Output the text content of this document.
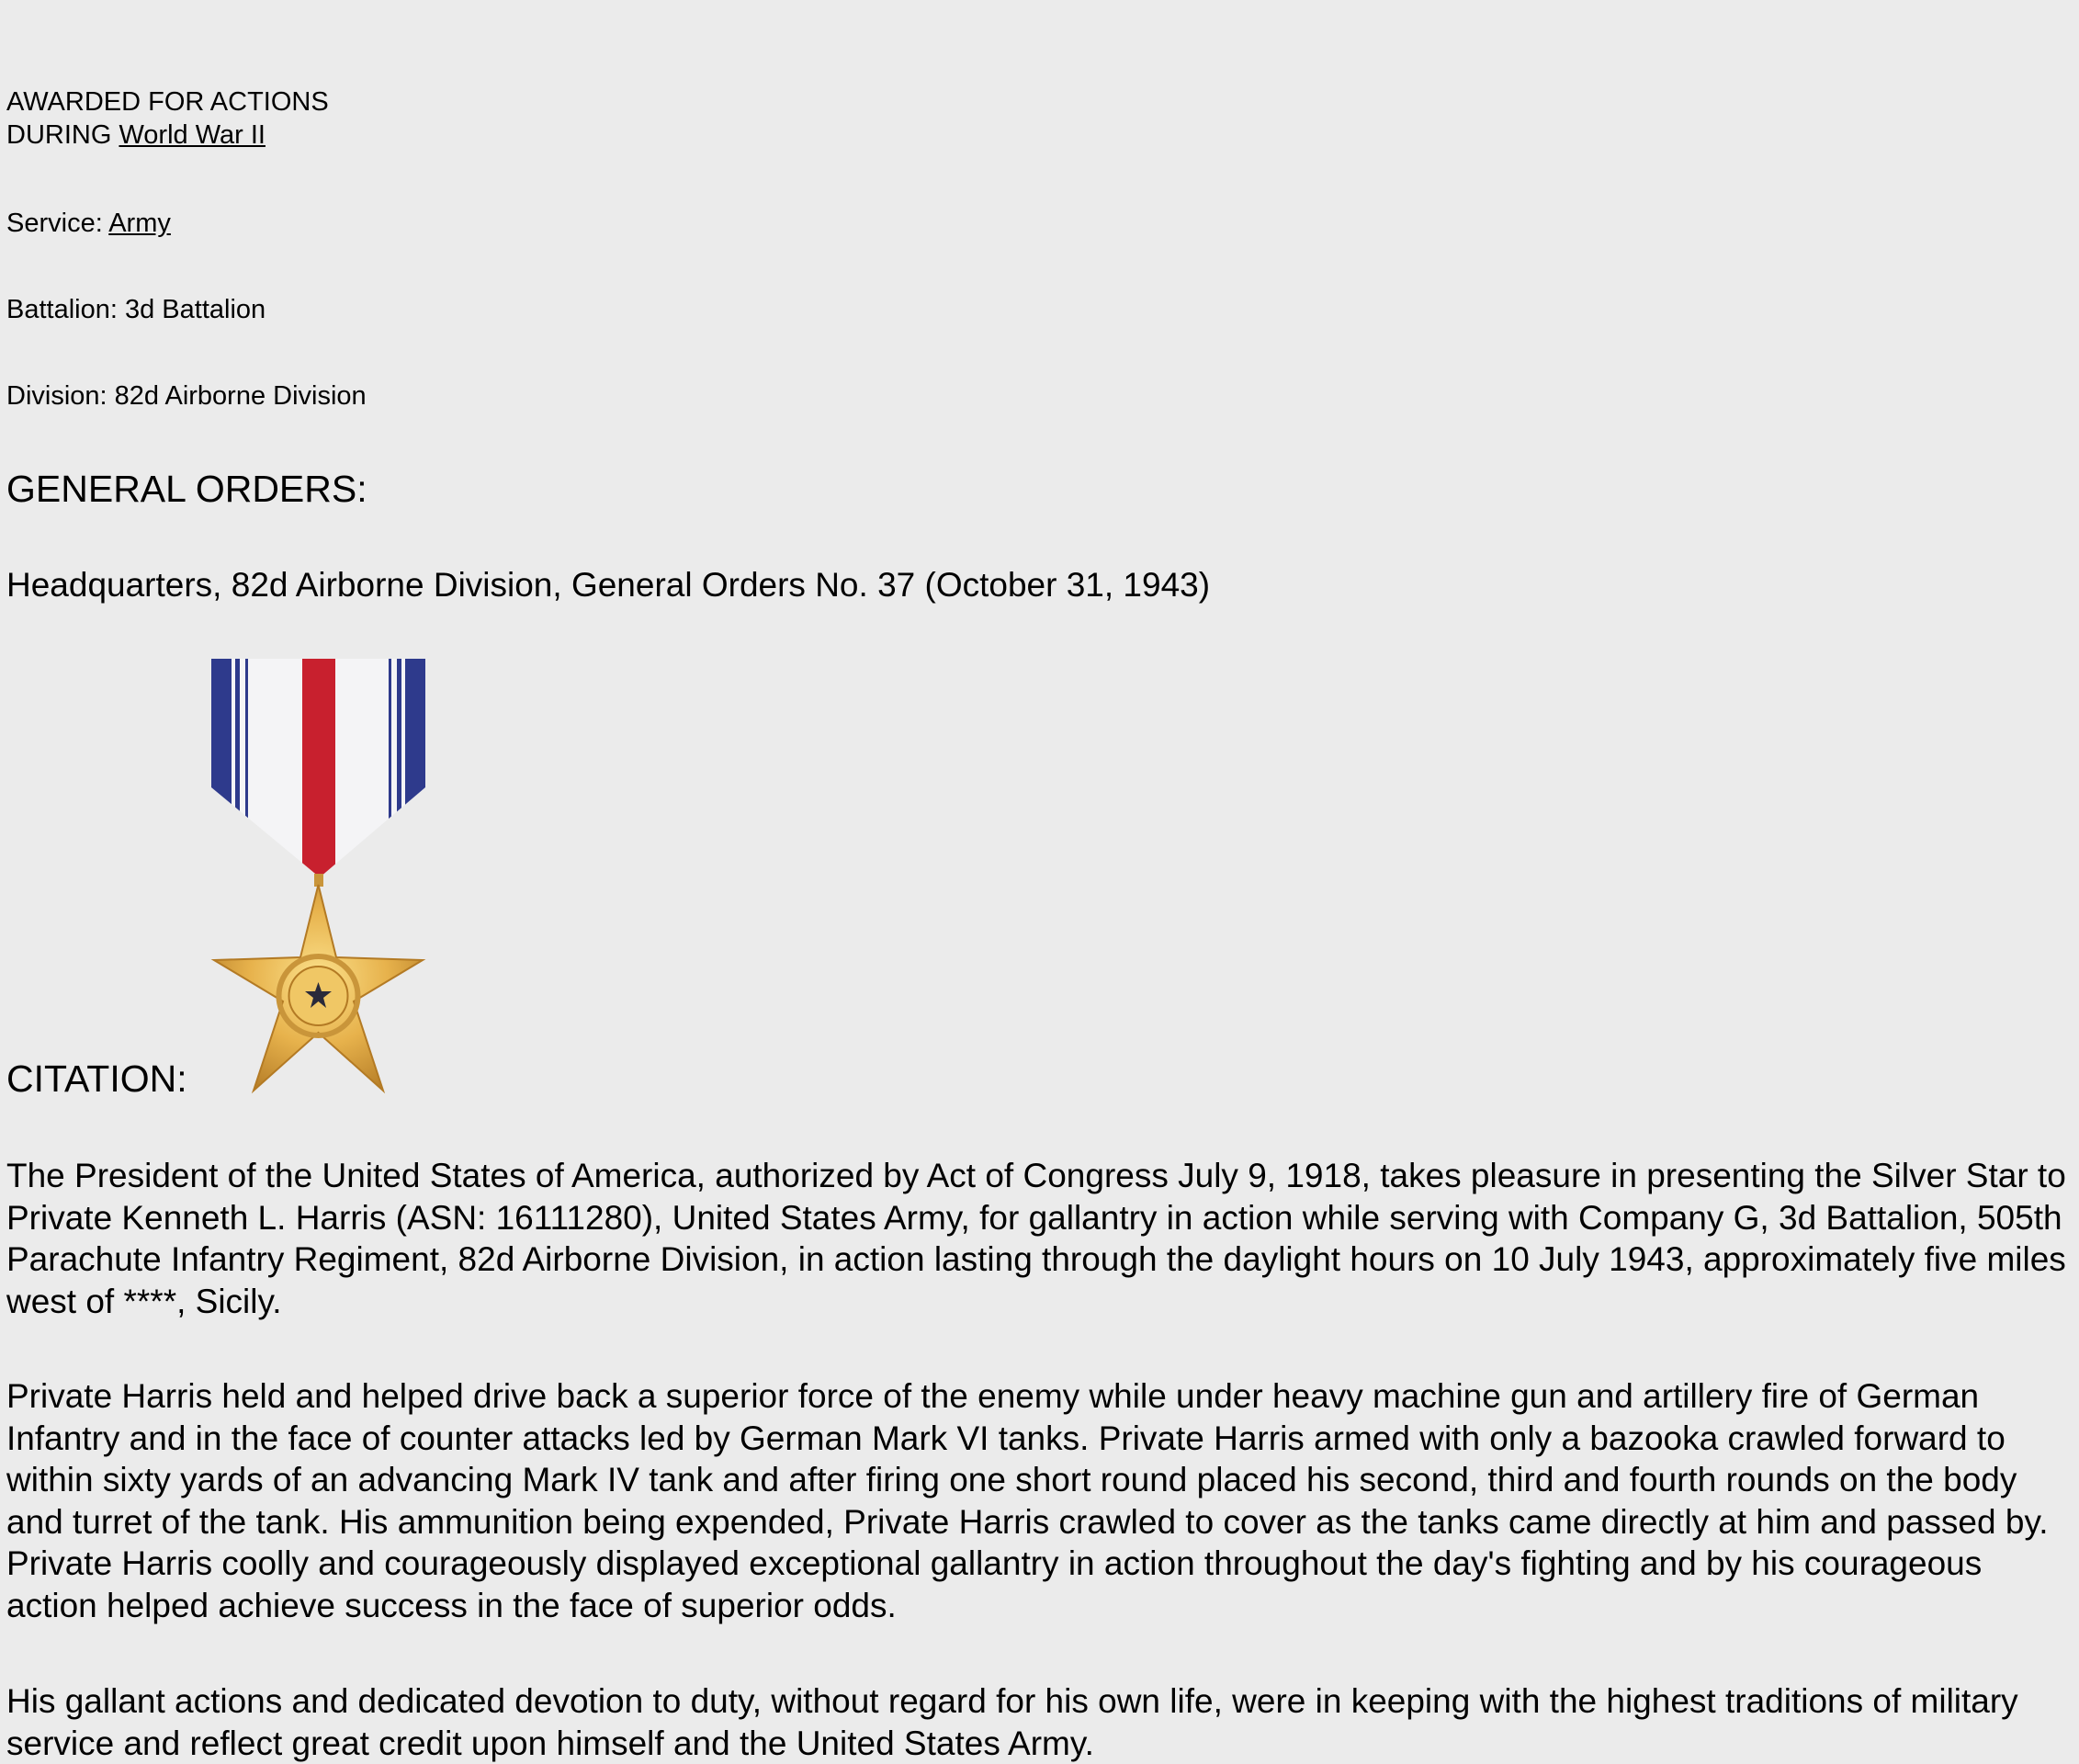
AWARDED FOR ACTIONS
DURING World War II
Service: Army
Battalion: 3d Battalion
Division: 82d Airborne Division
GENERAL ORDERS:
Headquarters, 82d Airborne Division, General Orders No. 37 (October 31, 1943)
CITATION:

The President of the United States of America, authorized by Act of Congress July 9, 1918, takes pleasure in presenting the Silver Star to Private Kenneth L. Harris (ASN: 16111280), United States Army, for gallantry in action while serving with Company G, 3d Battalion, 505th Parachute Infantry Regiment, 82d Airborne Division, in action lasting through the daylight hours on 10 July 1943, approximately five miles west of ****, Sicily.

Private Harris held and helped drive back a superior force of the enemy while under heavy machine gun and artillery fire of German Infantry and in the face of counter attacks led by German Mark VI tanks. Private Harris armed with only a bazooka crawled forward to within sixty yards of an advancing Mark IV tank and after firing one short round placed his second, third and fourth rounds on the body and turret of the tank. His ammunition being expended, Private Harris crawled to cover as the tanks came directly at him and passed by. Private Harris coolly and courageously displayed exceptional gallantry in action throughout the day's fighting and by his courageous action helped achieve success in the face of superior odds.

His gallant actions and dedicated devotion to duty, without regard for his own life, were in keeping with the highest traditions of military service and reflect great credit upon himself and the United States Army.
